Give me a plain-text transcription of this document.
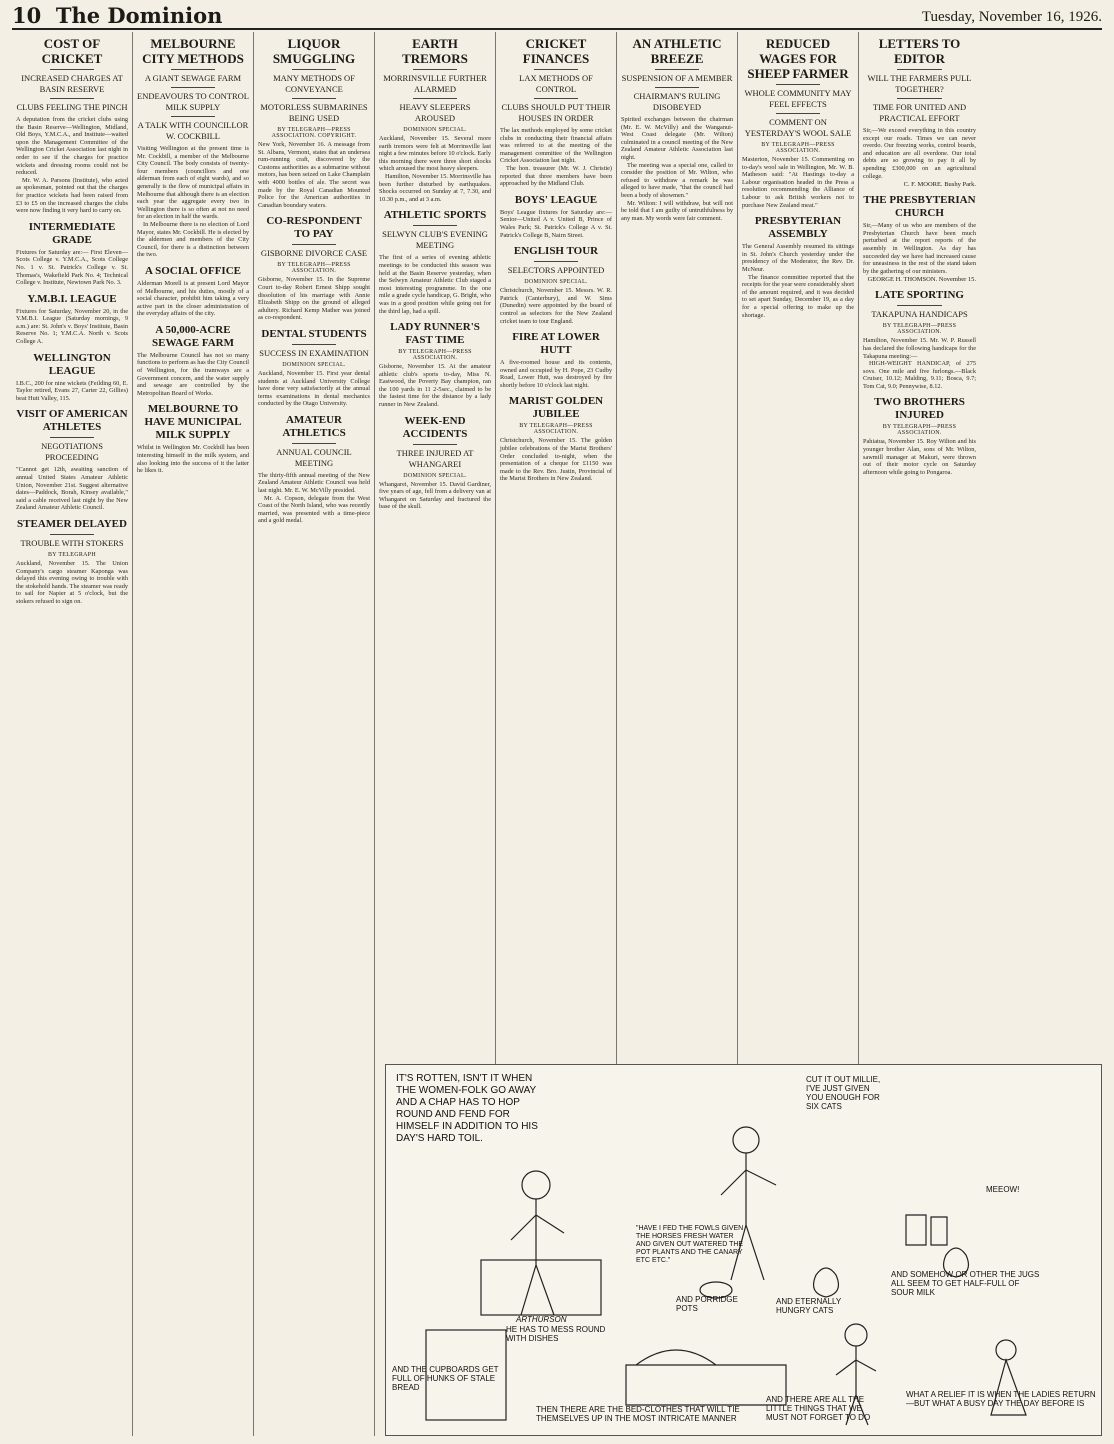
10 The Dominion	Tuesday, November 16, 1926.
COST OF CRICKET
INCREASED CHARGES AT BASIN RESERVE
CLUBS FEELING THE PINCH

A deputation from the cricket clubs using the Basin Reserve—Wellington, Midland, Old Boys, Y.M.C.A., and Institute—waited upon the Management Committee of the Wellington Cricket Association last night in order to see if the charges for practice wickets and dressing rooms could not be reduced.

Mr. W. A. Parsons (Institute), who acted as spokesman, pointed out that the charges for practice wickets had been raised from £3 to £5 on the increased charges the clubs were now finding it very hard to carry on.

INTERMEDIATE GRADE

Fixtures for Saturday are:— First Eleven—Scots College v. Y.M.C.A., Scots College No. 1 v. St. Patrick's College v. St. Thomas's, Wakefield Park No. 4; Technical College v. Institute, Newtown Park No. 3.

Y.M.B.I. LEAGUE

Fixtures for Saturday, November 20, in the Y.M.B.I. League (Saturday mornings, 9 a.m.) are: St. John's v. Boys' Institute, Basin Reserve No. 1; Y.M.C.A. North v. Scots College A.

WELLINGTON LEAGUE

I.B.C., 200 for nine wickets (Feilding 60, E. Taylor retired, Evans 27, Carter 22, Gillies) beat Hutt Valley, 115.

VISIT OF AMERICAN ATHLETES
NEGOTIATIONS PROCEEDING

"Cannot get 12th, awaiting sanction of annual United States Amateur Athletic Union, November 21st. Suggest alternative dates—Paddock, Borah, Kinsey available," said a cable received last night by the New Zealand Amateur Athletic Council.

STEAMER DELAYED
TROUBLE WITH STOKERS
BY TELEGRAPH

Auckland, November 15. The Union Company's cargo steamer Kaponga was delayed this evening owing to trouble with the stokehold hands. The steamer was ready to sail for Napier at 5 o'clock, but the stokers refused to sign on.

MELBOURNE CITY METHODS
A GIANT SEWAGE FARM
ENDEAVOURS TO CONTROL MILK SUPPLY
A TALK WITH COUNCILLOR W. COCKBILL

Visiting Wellington at the present time is Mr. Cockbill, a member of the Melbourne City Council. The body consists of twenty-four members (councillors and one alderman from each of eight wards), and so generally is the flow of municipal affairs in Melbourne that although there is an election each year the aggregate every two in Wellington there is so often at not no need for an election in half the wards.

In Melbourne there is no election of Lord Mayor, states Mr. Cockbill. He is elected by the aldermen and members of the City Council, for there is a distinction between the two.

A SOCIAL OFFICE

Alderman Morell is at present Lord Mayor of Melbourne, and his duties, mostly of a social character, prohibit him taking a very active part in the closer administration of the everyday affairs of the city.

A 50,000-ACRE SEWAGE FARM

The Melbourne Council has not so many functions to perform as has the City Council of Wellington, for the tramways are a Government concern, and the water supply and sewage are controlled by the Metropolitan Board of Works.

MELBOURNE TO HAVE MUNICIPAL MILK SUPPLY

Whilst in Wellington Mr. Cockbill has been interesting himself in the milk system, and also looking into the success of it the latter he likes it.

LIQUOR SMUGGLING
MANY METHODS OF CONVEYANCE
MOTORLESS SUBMARINES BEING USED
BY TELEGRAPH—PRESS ASSOCIATION. COPYRIGHT.

New York, November 16. A message from St. Albans, Vermont, states that an undersea rum-running craft, discovered by the Customs authorities as a submarine without motors, has been seized on Lake Champlain with 4000 bottles of ale. The secret was made by the Royal Canadian Mounted Police for the American authorities in Canadian boundary waters.

CO-RESPONDENT TO PAY
GISBORNE DIVORCE CASE
BY TELEGRAPH—PRESS ASSOCIATION.

Gisborne, November 15. In the Supreme Court to-day Robert Ernest Shipp sought dissolution of his marriage with Annie Elizabeth Shipp on the ground of alleged adultery. Richard Kemp Mather was joined as co-respondent.

DENTAL STUDENTS
SUCCESS IN EXAMINATION
DOMINION SPECIAL.

Auckland, November 15. First year dental students at Auckland University College have done very satisfactorily at the annual terms examinations in dental mechanics conducted by the Otago University.

AMATEUR ATHLETICS
ANNUAL COUNCIL MEETING

The thirty-fifth annual meeting of the New Zealand Amateur Athletic Council was held last night. Mr. E. W. McVilly presided.

Mr. A. Copson, delegate from the West Coast of the North Island, who was recently married, was presented with a time-piece and a gold medal.

EARTH TREMORS
MORRINSVILLE FURTHER ALARMED
HEAVY SLEEPERS AROUSED
DOMINION SPECIAL.

Auckland, November 15. Several more earth tremors were felt at Morrinsville last night a few minutes before 10 o'clock. Early this morning there were three short shocks which aroused the most heavy sleepers.

Hamilton, November 15. Morrinsville has been further disturbed by earthquakes. Shocks occurred on Sunday at 7, 7.30, and 10.30 p.m., and at 3 a.m.

ATHLETIC SPORTS
SELWYN CLUB'S EVENING MEETING

The first of a series of evening athletic meetings to be conducted this season was held at the Basin Reserve yesterday, when the Selwyn Amateur Athletic Club staged a most interesting programme. In the one mile a grade cycle handicap, G. Bright, who was in a good position while going out for the third lap, had a spill.

LADY RUNNER'S FAST TIME
BY TELEGRAPH—PRESS ASSOCIATION.

Gisborne, November 15. At the amateur athletic club's sports to-day, Miss N. Eastwood, the Poverty Bay champion, ran the 100 yards in 11 2-5sec., claimed to be the fastest time for the distance by a lady runner in New Zealand.

WEEK-END ACCIDENTS
THREE INJURED AT WHANGAREI
DOMINION SPECIAL.

Whangarei, November 15. David Gardiner, five years of age, fell from a delivery van at Whangarei on Saturday and fractured the base of the skull.

CRICKET FINANCES
LAX METHODS OF CONTROL
CLUBS SHOULD PUT THEIR HOUSES IN ORDER

The lax methods employed by some cricket clubs in conducting their financial affairs was referred to at the meeting of the management committee of the Wellington Cricket Association last night.

The hon. treasurer (Mr. W. J. Christie) reported that three members have been approached by the Midland Club.

BOYS' LEAGUE

Boys' League fixtures for Saturday are:— Senior—United A v. United B, Prince of Wales Park; St. Patrick's College A v. St. Patrick's College B, Nairn Street.

ENGLISH TOUR
SELECTORS APPOINTED
DOMINION SPECIAL.

Christchurch, November 15. Messrs. W. R. Patrick (Canterbury), and W. Sims (Dunedin) were appointed by the board of control as selectors for the New Zealand cricket team to tour England.

FIRE AT LOWER HUTT

A five-roomed house and its contents, owned and occupied by H. Pope, 23 Cudby Road, Lower Hutt, was destroyed by fire shortly before 10 o'clock last night.

MARIST GOLDEN JUBILEE
BY TELEGRAPH—PRESS ASSOCIATION.

Christchurch, November 15. The golden jubilee celebrations of the Marist Brothers' Order concluded to-night, when the presentation of a cheque for £1150 was made to the Rev. Bro. Justin, Provincial of the Marist Brothers in New Zealand.

AN ATHLETIC BREEZE
SUSPENSION OF A MEMBER
CHAIRMAN'S RULING DISOBEYED

Spirited exchanges between the chairman (Mr. E. W. McVilly) and the Wanganui-West Coast delegate (Mr. Wilton) culminated in a council meeting of the New Zealand Amateur Athletic Association last night.

The meeting was a special one, called to consider the position of Mr. Wilton, who refused to withdraw a remark he was alleged to have made, "that the council had been a body of showmen."

Mr. Wilton: I will withdraw, but will not be told that I am guilty of untruthfulness by any man. My words were fair comment.

REDUCED WAGES FOR SHEEP FARMER
WHOLE COMMUNITY MAY FEEL EFFECTS
COMMENT ON YESTERDAY'S WOOL SALE
BY TELEGRAPH—PRESS ASSOCIATION.

Masterton, November 15. Commenting on to-day's wool sale in Wellington, Mr. W. B. Matheson said: "At Hastings to-day a Labour organisation headed in the Press a resolution recommending the Alliance of Labour to ask British workers not to purchase New Zealand meat."

PRESBYTERIAN ASSEMBLY

The General Assembly resumed its sittings in St. John's Church yesterday under the presidency of the Moderator, the Rev. Dr. McNeur.

The finance committee reported that the receipts for the year were considerably short of the amount required, and it was decided to set apart Sunday, December 19, as a day for a special offering to make up the shortage.

LETTERS TO EDITOR
WILL THE FARMERS PULL TOGETHER?
TIME FOR UNITED AND PRACTICAL EFFORT

Sir,—We exceed everything in this country except our roads. Times we can never overdo. Our freezing works, control boards, and education are all overdone. Our total debts are so growing to pay it all by spending £300,000 on an agricultural college.

C. F. MOORE. Bushy Park.
THE PRESBYTERIAN CHURCH

Sir,—Many of us who are members of the Presbyterian Church have been much perturbed at the report reports of the assembly in Wellington. As day has succeeded day we have had increased cause for uneasiness in the rest of the stand taken by the gathering of our ministers.

GEORGE H. THOMSON. November 15.
LATE SPORTING
TAKAPUNA HANDICAPS
BY TELEGRAPH—PRESS ASSOCIATION.

Hamilton, November 15. Mr. W. P. Russell has declared the following handicaps for the Takapuna meeting:—

HIGH-WEIGHT HANDICAP, of 275 sovs. One mile and five furlongs.—Black Cruiser, 10.12; Malding, 9.11; Bosca, 9.7; Tom Cat, 9.0; Pennywise, 8.12.

TWO BROTHERS INJURED
BY TELEGRAPH—PRESS ASSOCIATION.

Pahiatua, November 15. Roy Wilton and his younger brother Alan, sons of Mr. Wilton, sawmill manager at Makuri, were thrown out of their motor cycle on Saturday afternoon while going to Pongaroa.

IT'S ROTTEN, ISN'T IT WHEN THE WOMEN-FOLK GO AWAY AND A CHAP HAS TO HOP ROUND AND FEND FOR HIMSELF IN ADDITION TO HIS DAY'S HARD TOIL.
HE HAS TO MESS ROUND WITH DISHES
AND PORRIDGE POTS
AND ETERNALLY HUNGRY CATS
AND SOMEHOW OR OTHER THE JUGS ALL SEEM TO GET HALF-FULL OF SOUR MILK
AND THE CUPBOARDS GET FULL OF HUNKS OF STALE BREAD
THEN THERE ARE THE BED-CLOTHES THAT WILL TIE THEMSELVES UP IN THE MOST INTRICATE MANNER
AND THERE ARE ALL THE LITTLE THINGS THAT WE MUST NOT FORGET TO DO
WHAT A RELIEF IT IS WHEN THE LADIES RETURN—BUT WHAT A BUSY DAY THE DAY BEFORE IS
CUT IT OUT MILLIE, I'VE JUST GIVEN YOU ENOUGH FOR SIX CATS
"HAVE I FED THE FOWLS GIVEN THE HORSES FRESH WATER AND GIVEN OUT WATERED THE POT PLANTS AND THE CANARY ETC ETC."
MEEOW!
ARTHURSON
